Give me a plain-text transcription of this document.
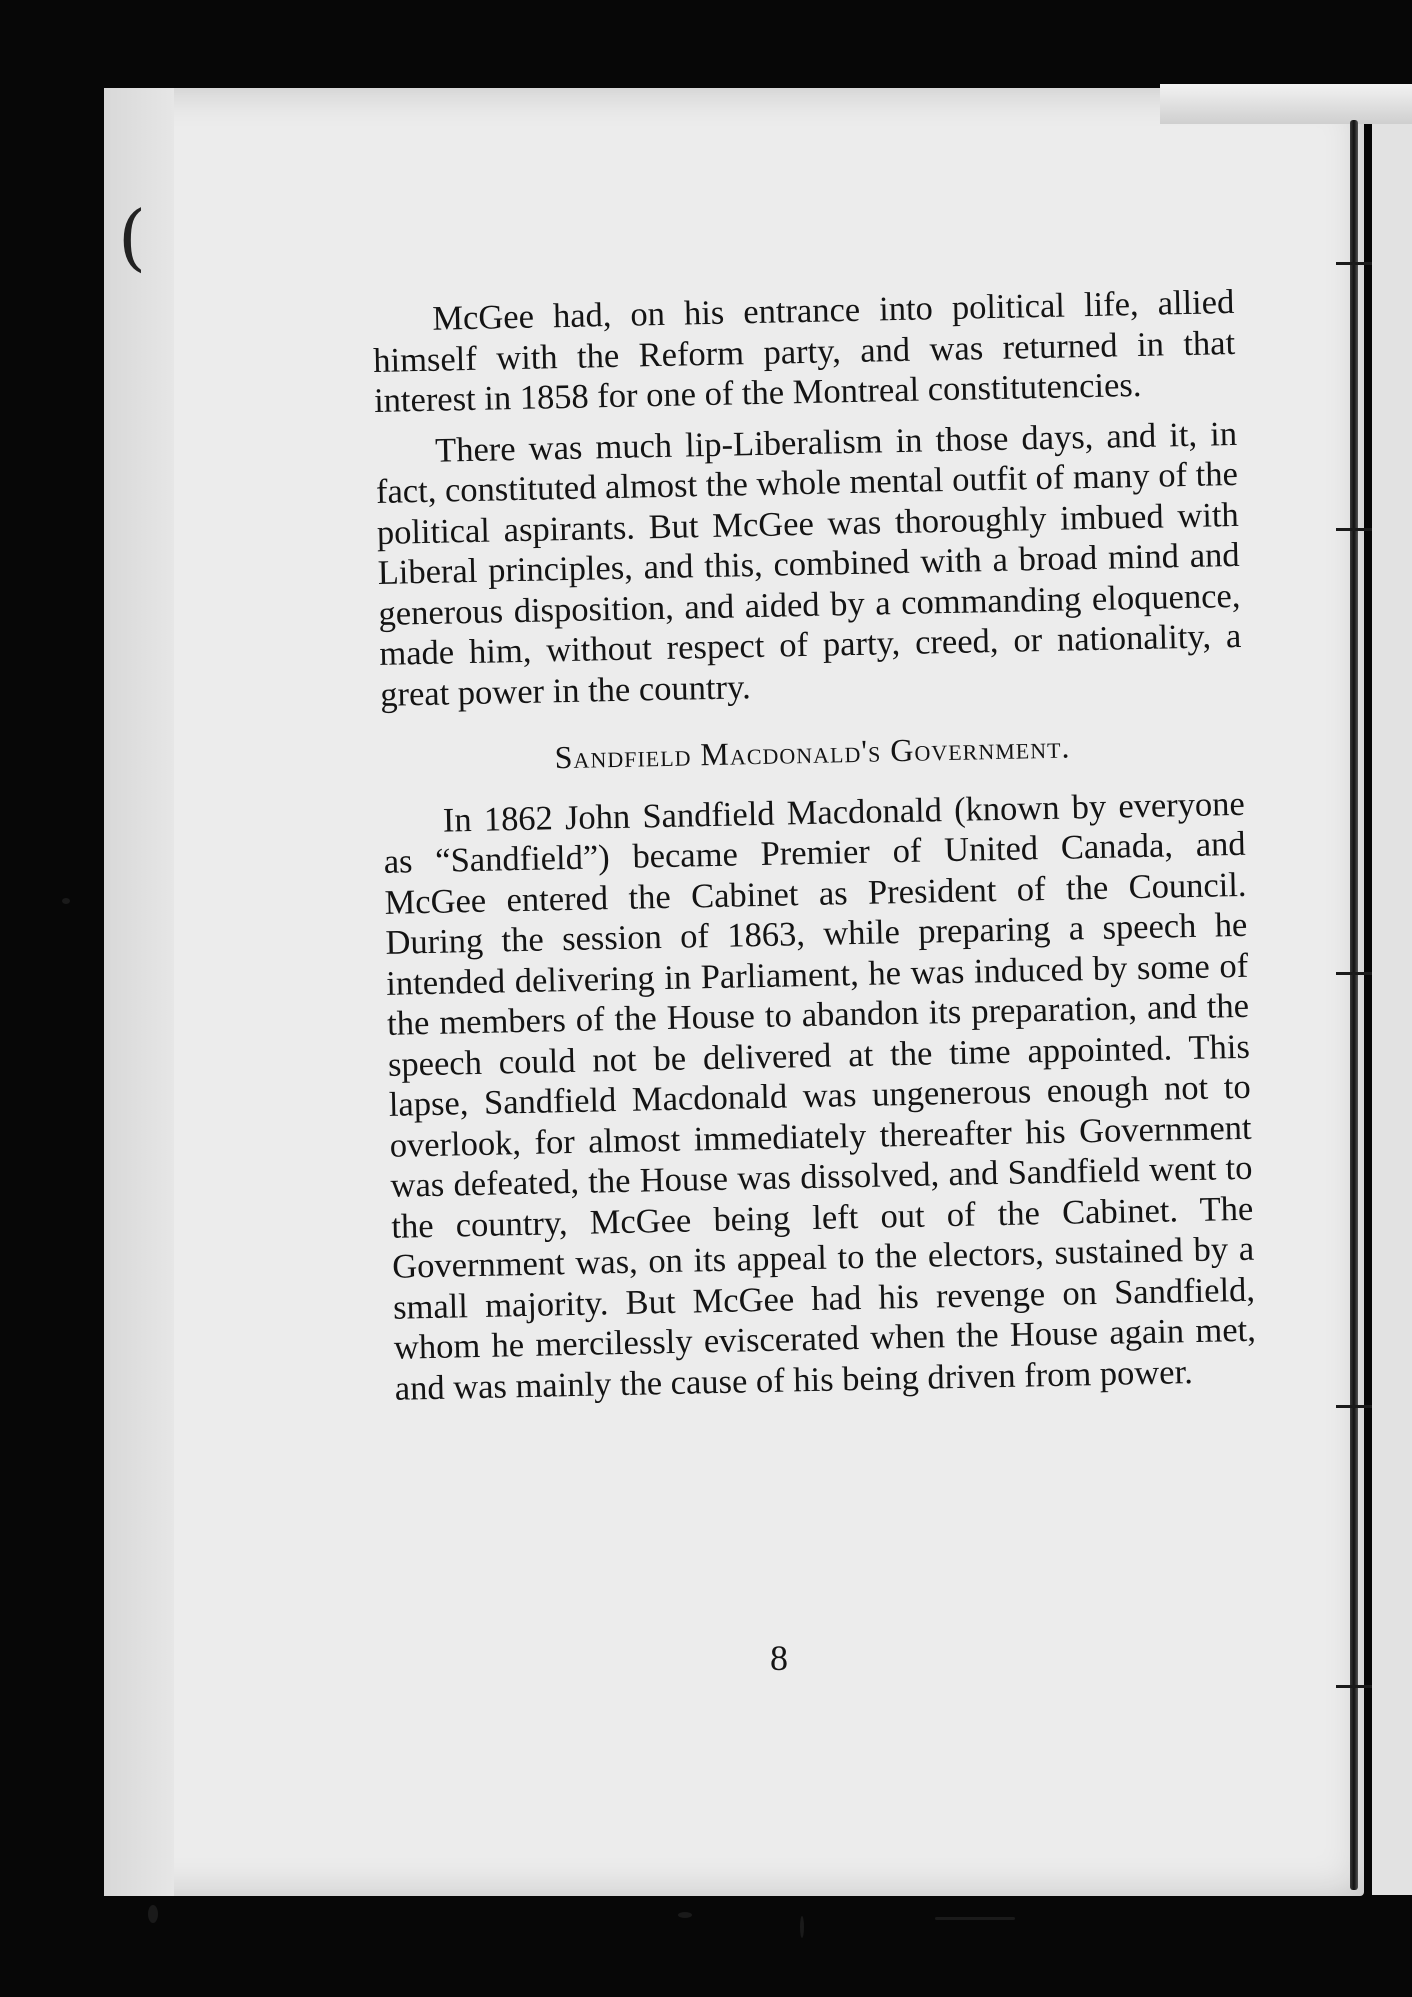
(

McGee had, on his entrance into political life, allied himself with the Reform party, and was returned in that interest in 1858 for one of the Montreal constitutencies.

There was much lip-Liberalism in those days, and it, in fact, constituted almost the whole mental outfit of many of the political aspirants. But McGee was thoroughly imbued with Liberal principles, and this, combined with a broad mind and generous disposition, and aided by a commanding eloquence, made him, without respect of party, creed, or nationality, a great power in the country.

Sandfield Macdonald's Government.

In 1862 John Sandfield Macdonald (known by everyone as “Sandfield”) became Premier of United Canada, and McGee entered the Cabinet as President of the Council. During the session of 1863, while preparing a speech he intended delivering in Parliament, he was induced by some of the members of the House to abandon its preparation, and the speech could not be delivered at the time appointed. This lapse, Sandfield Macdonald was ungenerous enough not to overlook, for almost immediately thereafter his Government was defeated, the House was dissolved, and Sandfield went to the country, McGee being left out of the Cabinet. The Government was, on its appeal to the electors, sustained by a small majority. But McGee had his revenge on Sandfield, whom he mercilessly eviscerated when the House again met, and was mainly the cause of his being driven from power.

8
